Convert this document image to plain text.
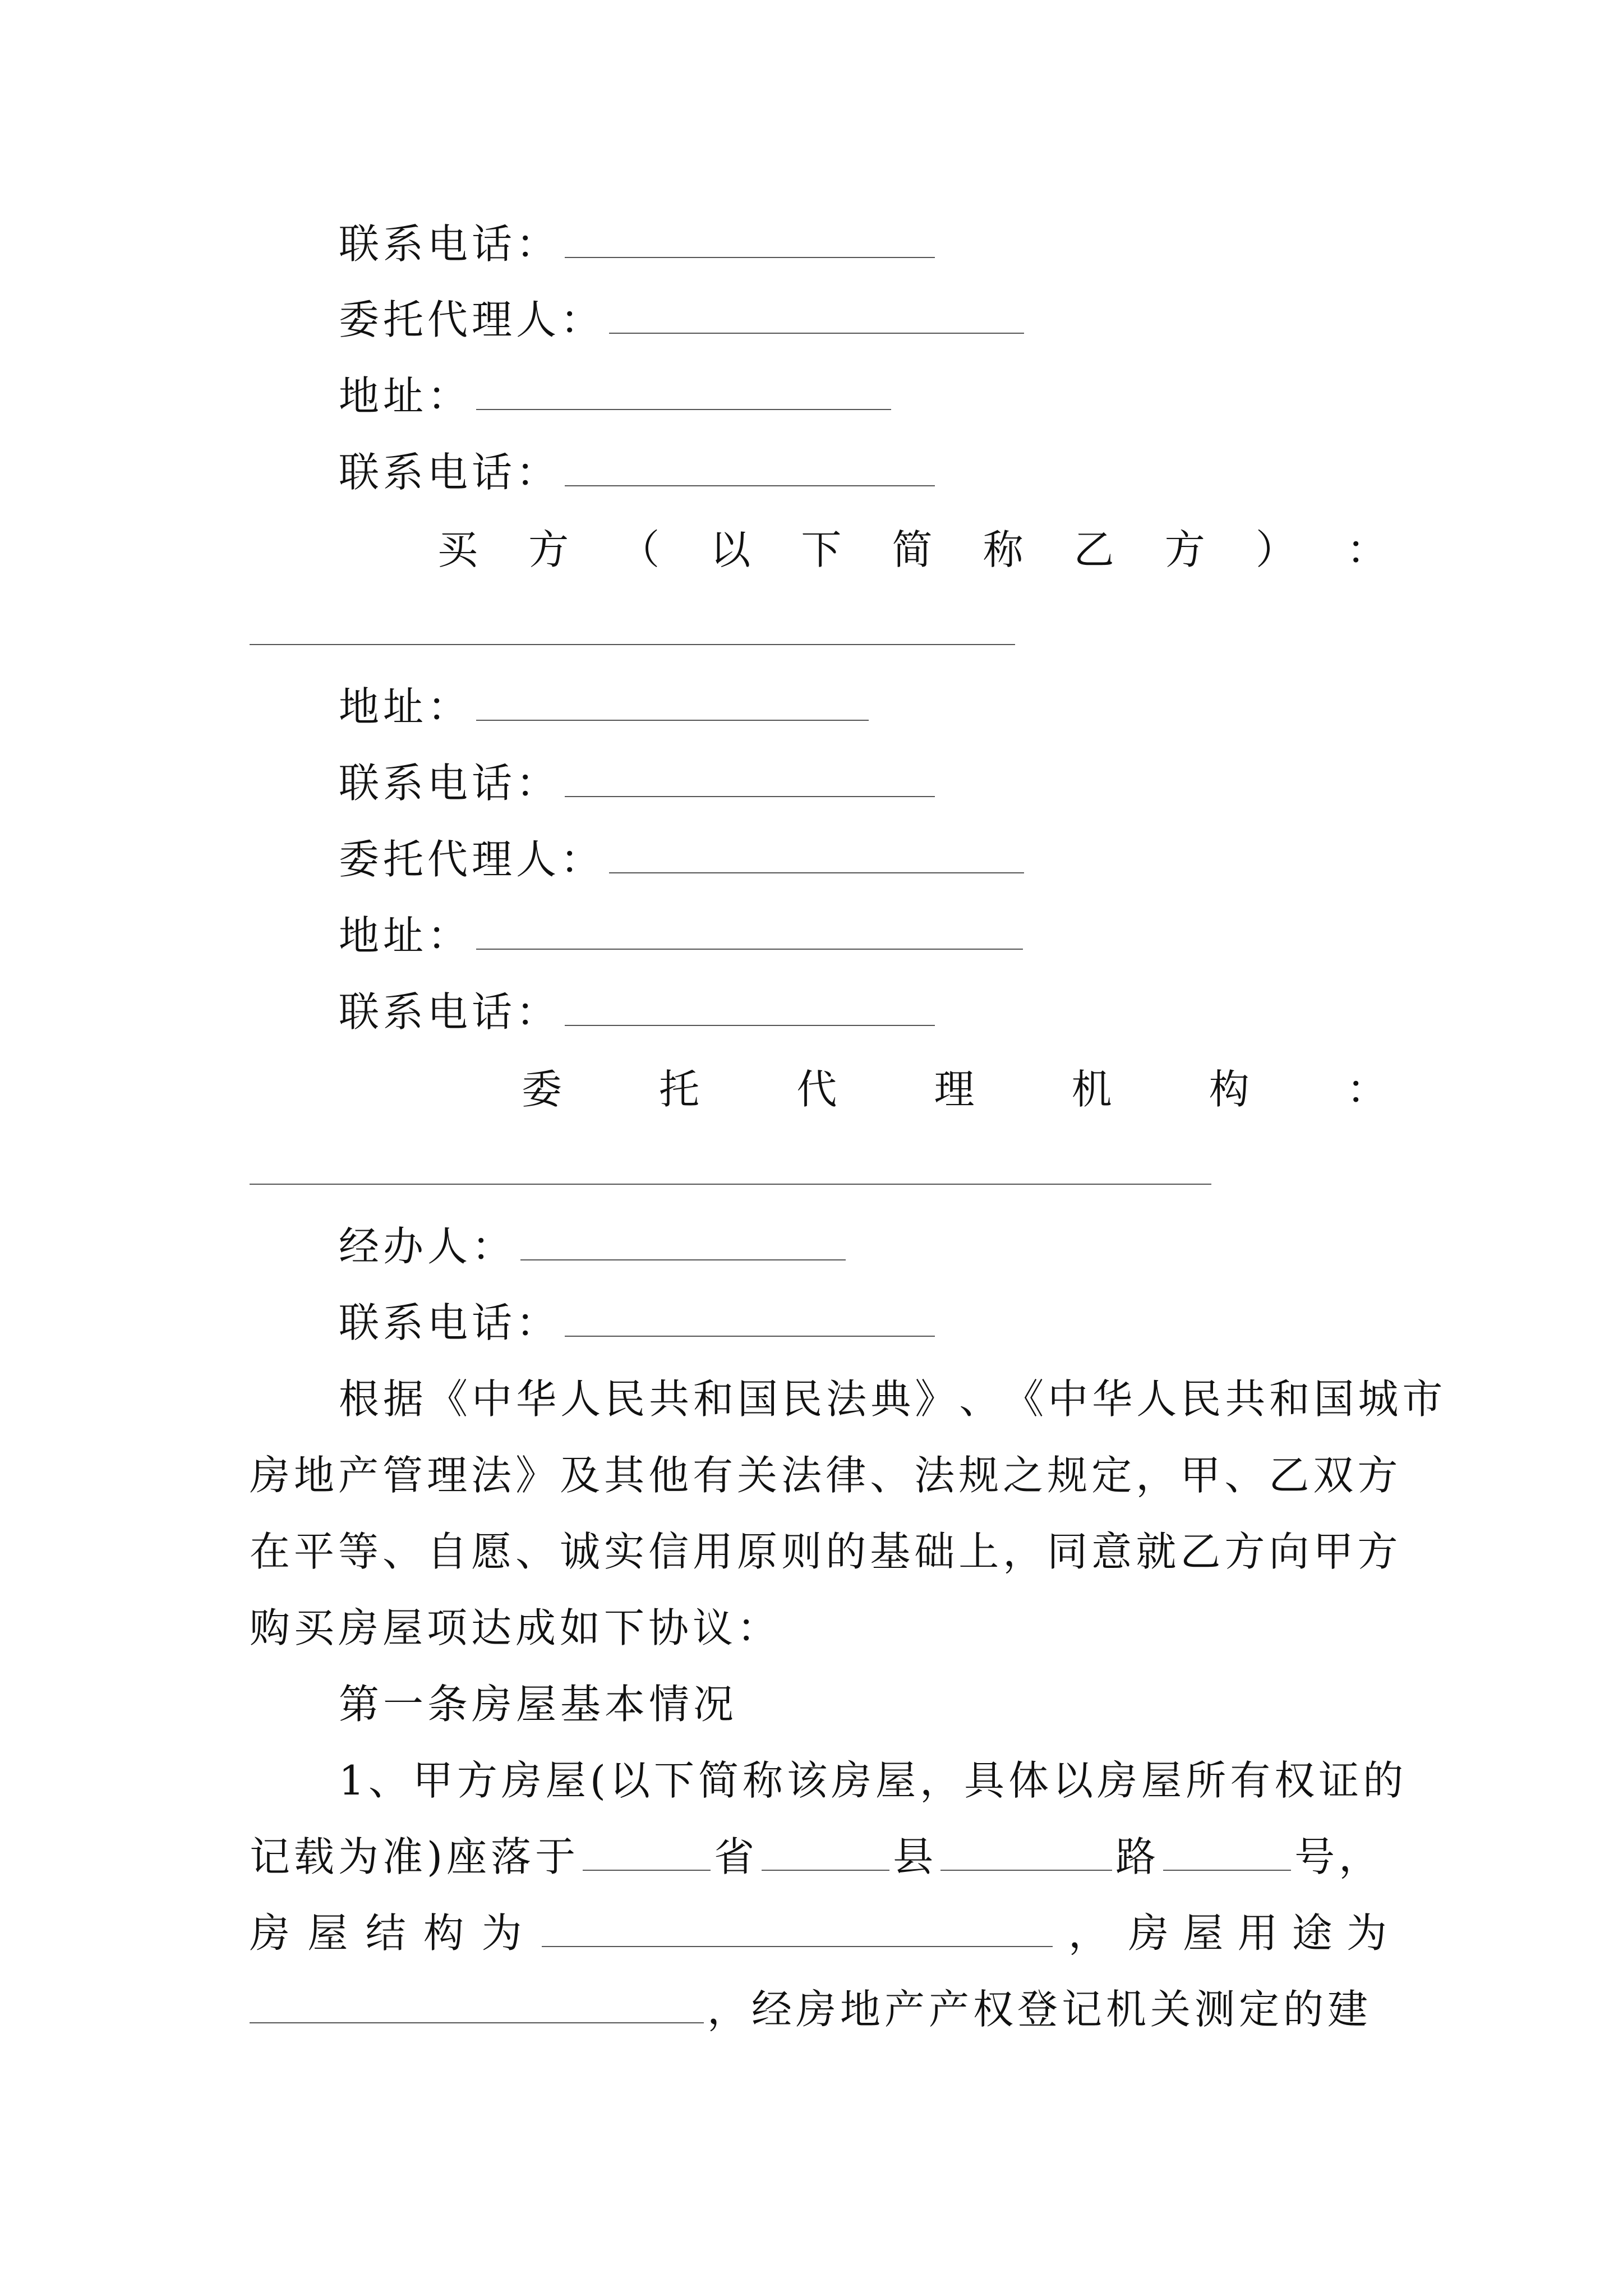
联系电话：
委托代理人：
地址：
联系电话：
买 方 （ 以 下 简 称 乙 方 ） ：
地址：
联系电话：
委托代理人：
地址：
联系电话：
委 托 代 理 机 构 ：
经办人：
联系电话：
根 据 《 中 华 人 民 共 和 国 民 法 典 》 、 《 中 华 人 民 共 和 国 城 市
房 地 产 管 理 法 》 及 其 他 有 关 法 律 、 法 规 之 规 定 ， 甲 、 乙 双 方
在 平 等 、 自 愿 、 诚 实 信 用 原 则 的 基 础 上 ， 同 意 就 乙 方 向 甲 方
购买房屋项达成如下协议：
第一条房屋基本情况
1 、 甲 方 房 屋 ( 以 下 简 称 该 房 屋 ， 具 体 以 房 屋 所 有 权 证 的
记载为准)座落于	省	县	路	号，
房 屋 结 构 为	， 房 屋 用 途 为
，经房地产产权登记机关测定的建
